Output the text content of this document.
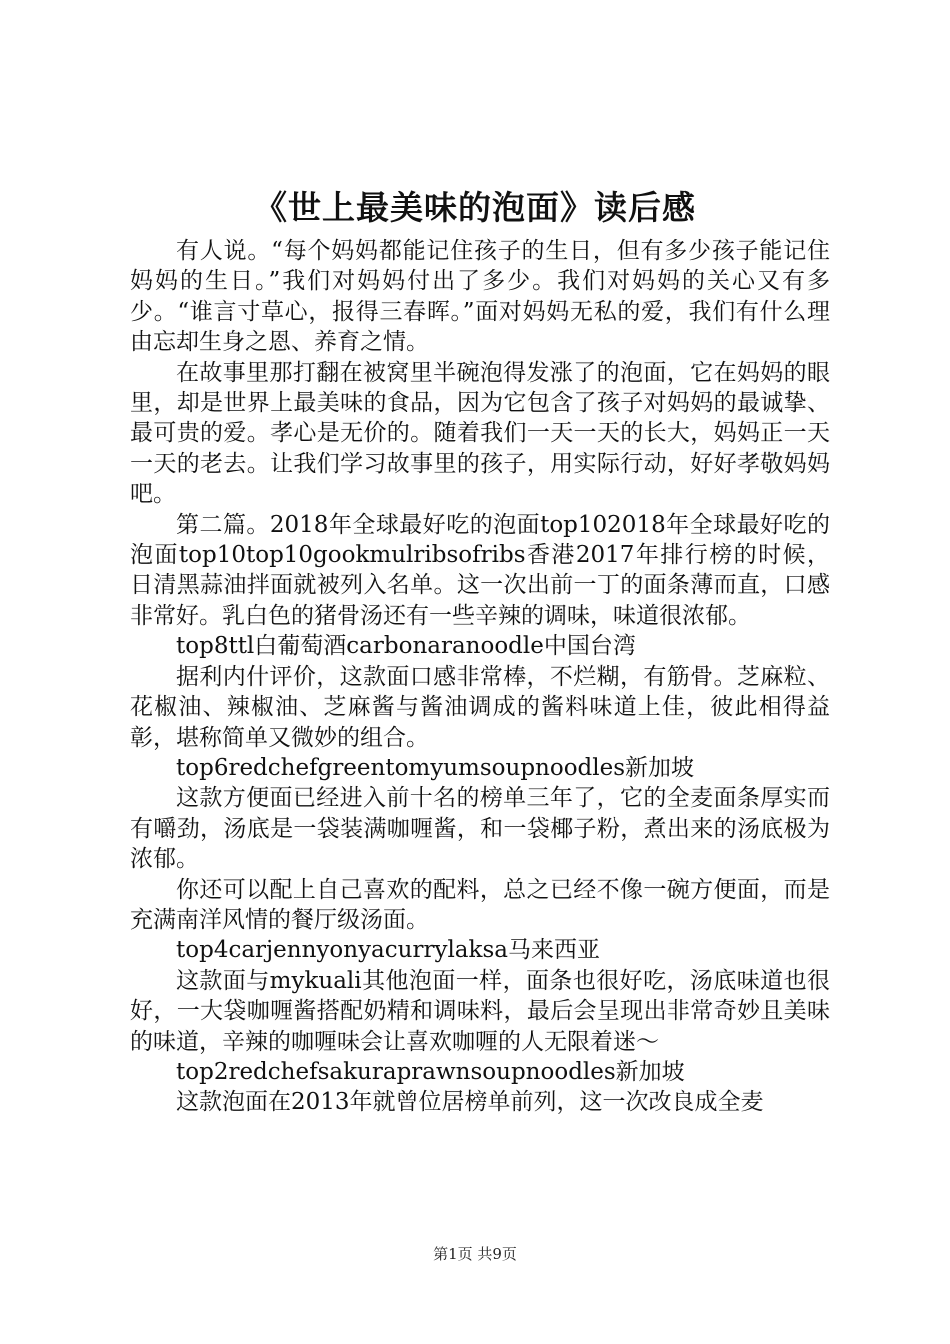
《世上最美味的泡面》读后感

有人说。“每个妈妈都能记住孩子的生日，但有多少孩子能记住妈妈的生日。”我们对妈妈付出了多少。我们对妈妈的关心又有多少。“谁言寸草心，报得三春晖。”面对妈妈无私的爱，我们有什么理由忘却生身之恩、养育之情。

在故事里那打翻在被窝里半碗泡得发涨了的泡面，它在妈妈的眼里，却是世界上最美味的食品，因为它包含了孩子对妈妈的最诚挚、最可贵的爱。孝心是无价的。随着我们一天一天的长大，妈妈正一天一天的老去。让我们学习故事里的孩子，用实际行动，好好孝敬妈妈吧。

第二篇。2018年全球最好吃的泡面top102018年全球最好吃的泡面top10top10gookmulribsofribs香港2017年排行榜的时候，日清黑蒜油拌面就被列入名单。这一次出前一丁的面条薄而直，口感非常好。乳白色的猪骨汤还有一些辛辣的调味，味道很浓郁。

top8ttl白葡萄酒carbonaranoodle中国台湾

据利内什评价，这款面口感非常棒，不烂糊，有筋骨。芝麻粒、花椒油、辣椒油、芝麻酱与酱油调成的酱料味道上佳，彼此相得益彰，堪称简单又微妙的组合。

top6redchefgreentomyumsoupnoodles新加坡

这款方便面已经进入前十名的榜单三年了，它的全麦面条厚实而有嚼劲，汤底是一袋装满咖喱酱，和一袋椰子粉，煮出来的汤底极为浓郁。

你还可以配上自己喜欢的配料，总之已经不像一碗方便面，而是充满南洋风情的餐厅级汤面。

top4carjennyonyacurrylaksa马来西亚

这款面与mykuali其他泡面一样，面条也很好吃，汤底味道也很好，一大袋咖喱酱搭配奶精和调味料，最后会呈现出非常奇妙且美味的味道，辛辣的咖喱味会让喜欢咖喱的人无限着迷～

top2redchefsakuraprawnsoupnoodles新加坡

这款泡面在2013年就曾位居榜单前列，这一次改良成全麦

第1页 共9页
